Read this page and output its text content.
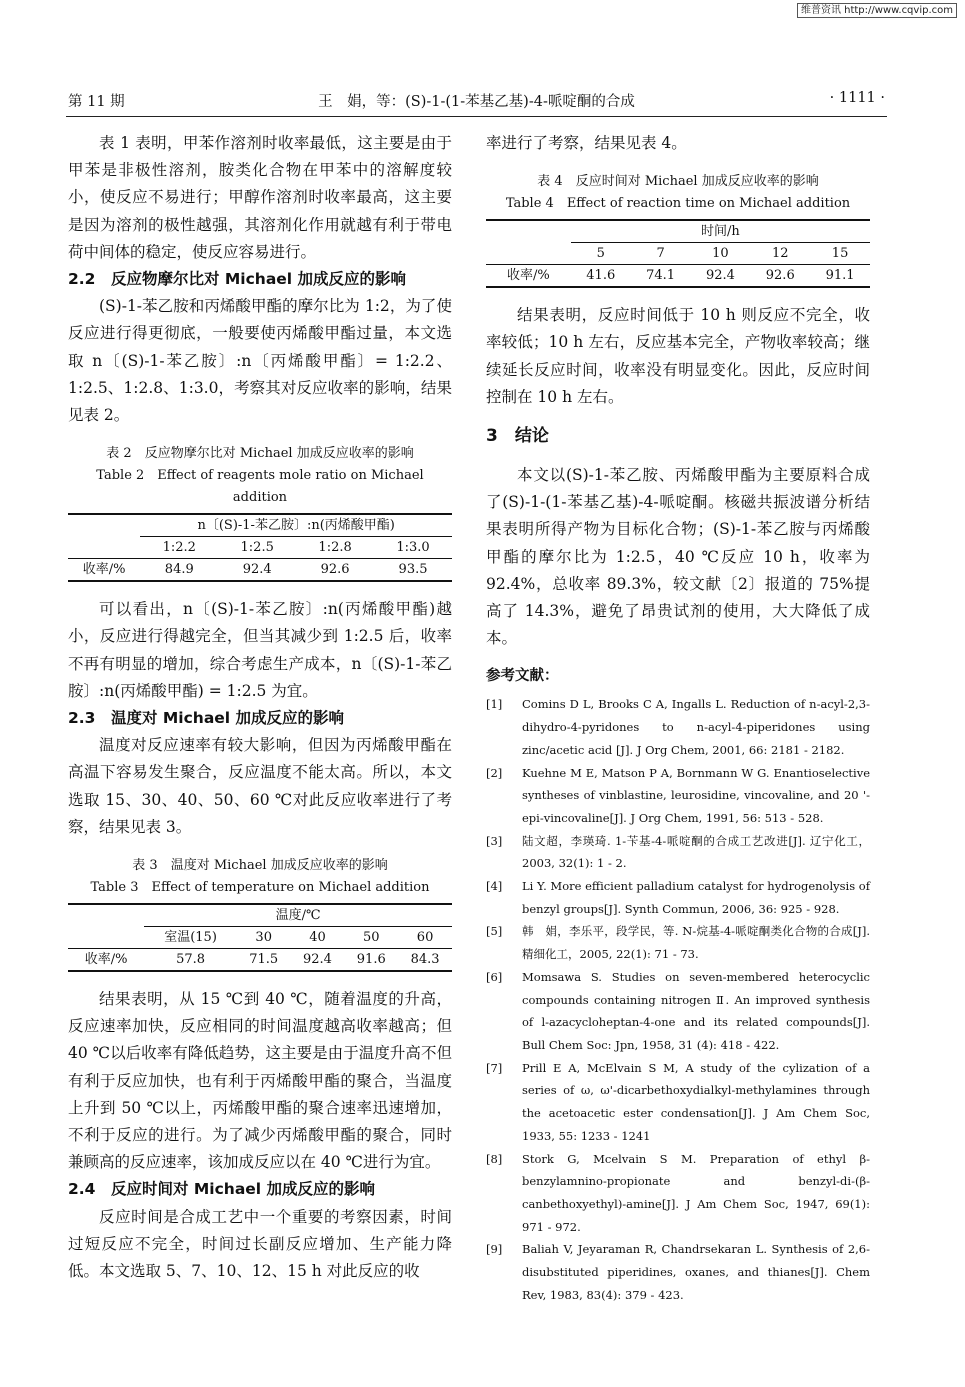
维普资讯 http://www.cqvip.com
第 11 期	王　娟，等：(S)-1-(1-苯基乙基)-4-哌啶酮的合成	· 1111 ·

表 1 表明，甲苯作溶剂时收率最低，这主要是由于甲苯是非极性溶剂，胺类化合物在甲苯中的溶解度较小，使反应不易进行；甲醇作溶剂时收率最高，这主要是因为溶剂的极性越强，其溶剂化作用就越有利于带电荷中间体的稳定，使反应容易进行。

2.2　反应物摩尔比对 Michael 加成反应的影响

(S)-1-苯乙胺和丙烯酸甲酯的摩尔比为 1:2，为了使反应进行得更彻底，一般要使丙烯酸甲酯过量，本文选取 n〔(S)-1-苯乙胺〕:n〔丙烯酸甲酯〕= 1:2.2、1:2.5、1:2.8、1:3.0，考察其对反应收率的影响，结果见表 2。

表 2　反应物摩尔比对 Michael 加成反应收率的影响
Table 2　Effect of reagents mole ratio on Michael addition
	n〔(S)-1-苯乙胺〕:n(丙烯酸甲酯)			
	1:2.2	1:2.5	1:2.8	1:3.0
收率/%	84.9	92.4	92.6	93.5

可以看出，n〔(S)-1-苯乙胺〕:n(丙烯酸甲酯)越小，反应进行得越完全，但当其减少到 1:2.5 后，收率不再有明显的增加，综合考虑生产成本，n〔(S)-1-苯乙胺〕:n(丙烯酸甲酯) = 1:2.5 为宜。

2.3　温度对 Michael 加成反应的影响

温度对反应速率有较大影响，但因为丙烯酸甲酯在高温下容易发生聚合，反应温度不能太高。所以，本文选取 15、30、40、50、60 ℃对此反应收率进行了考察，结果见表 3。

表 3　温度对 Michael 加成反应收率的影响
Table 3　Effect of temperature on Michael addition
	温度/℃				
	室温(15)	30	40	50	60
收率/%	57.8	71.5	92.4	91.6	84.3

结果表明，从 15 ℃到 40 ℃，随着温度的升高，反应速率加快，反应相同的时间温度越高收率越高；但 40 ℃以后收率有降低趋势，这主要是由于温度升高不但有利于反应加快，也有利于丙烯酸甲酯的聚合，当温度上升到 50 ℃以上，丙烯酸甲酯的聚合速率迅速增加，不利于反应的进行。为了减少丙烯酸甲酯的聚合，同时兼顾高的反应速率，该加成反应以在 40 ℃进行为宜。

2.4　反应时间对 Michael 加成反应的影响

反应时间是合成工艺中一个重要的考察因素，时间过短反应不完全，时间过长副反应增加、生产能力降低。本文选取 5、7、10、12、15 h 对此反应的收

率进行了考察，结果见表 4。

表 4　反应时间对 Michael 加成反应收率的影响
Table 4　Effect of reaction time on Michael addition
	时间/h				
	5	7	10	12	15
收率/%	41.6	74.1	92.4	92.6	91.1

结果表明，反应时间低于 10 h 则反应不完全，收率较低；10 h 左右，反应基本完全，产物收率较高；继续延长反应时间，收率没有明显变化。因此，反应时间控制在 10 h 左右。

3　结论

本文以(S)-1-苯乙胺、丙烯酸甲酯为主要原料合成了(S)-1-(1-苯基乙基)-4-哌啶酮。核磁共振波谱分析结果表明所得产物为目标化合物；(S)-1-苯乙胺与丙烯酸甲酯的摩尔比为 1:2.5，40 ℃反应 10 h，收率为 92.4%，总收率 89.3%，较文献〔2〕报道的 75%提高了 14.3%，避免了昂贵试剂的使用，大大降低了成本。

参考文献：
[1] Comins D L, Brooks C A, Ingalls L. Reduction of n-acyl-2,3-dihydro-4-pyridones to n-acyl-4-piperidones using zinc/acetic acid [J]. J Org Chem, 2001, 66: 2181 - 2182.
[2] Kuehne M E, Matson P A, Bornmann W G. Enantioselective syntheses of vinblastine, leurosidine, vincovaline, and 20 '-epi-vincovaline[J]. J Org Chem, 1991, 56: 513 - 528.
[3] 陆文超，李瑛琦. 1-苄基-4-哌啶酮的合成工艺改进[J]. 辽宁化工，2003, 32(1): 1 - 2.
[4] Li Y. More efficient palladium catalyst for hydrogenolysis of benzyl groups[J]. Synth Commun, 2006, 36: 925 - 928.
[5] 韩　娟，李乐平，段学民，等. N-烷基-4-哌啶酮类化合物的合成[J]. 精细化工，2005, 22(1): 71 - 73.
[6] Momsawa S. Studies on seven-membered heterocyclic compounds containing nitrogen Ⅱ. An improved synthesis of l-azacycloheptan-4-one and its related compounds[J]. Bull Chem Soc: Jpn, 1958, 31 (4): 418 - 422.
[7] Prill E A, McElvain S M, A study of the cylization of a series of ω, ω'-dicarbethoxydialkyl-methylamines through the acetoacetic ester condensation[J]. J Am Chem Soc, 1933, 55: 1233 - 1241
[8] Stork G, Mcelvain S M. Preparation of ethyl β-benzylamnino-propionate and benzyl-di-(β-canbethoxyethyl)-amine[J]. J Am Chem Soc, 1947, 69(1): 971 - 972.
[9] Baliah V, Jeyaraman R, Chandrsekaran L. Synthesis of 2,6-disubstituted piperidines, oxanes, and thianes[J]. Chem Rev, 1983, 83(4): 379 - 423.
